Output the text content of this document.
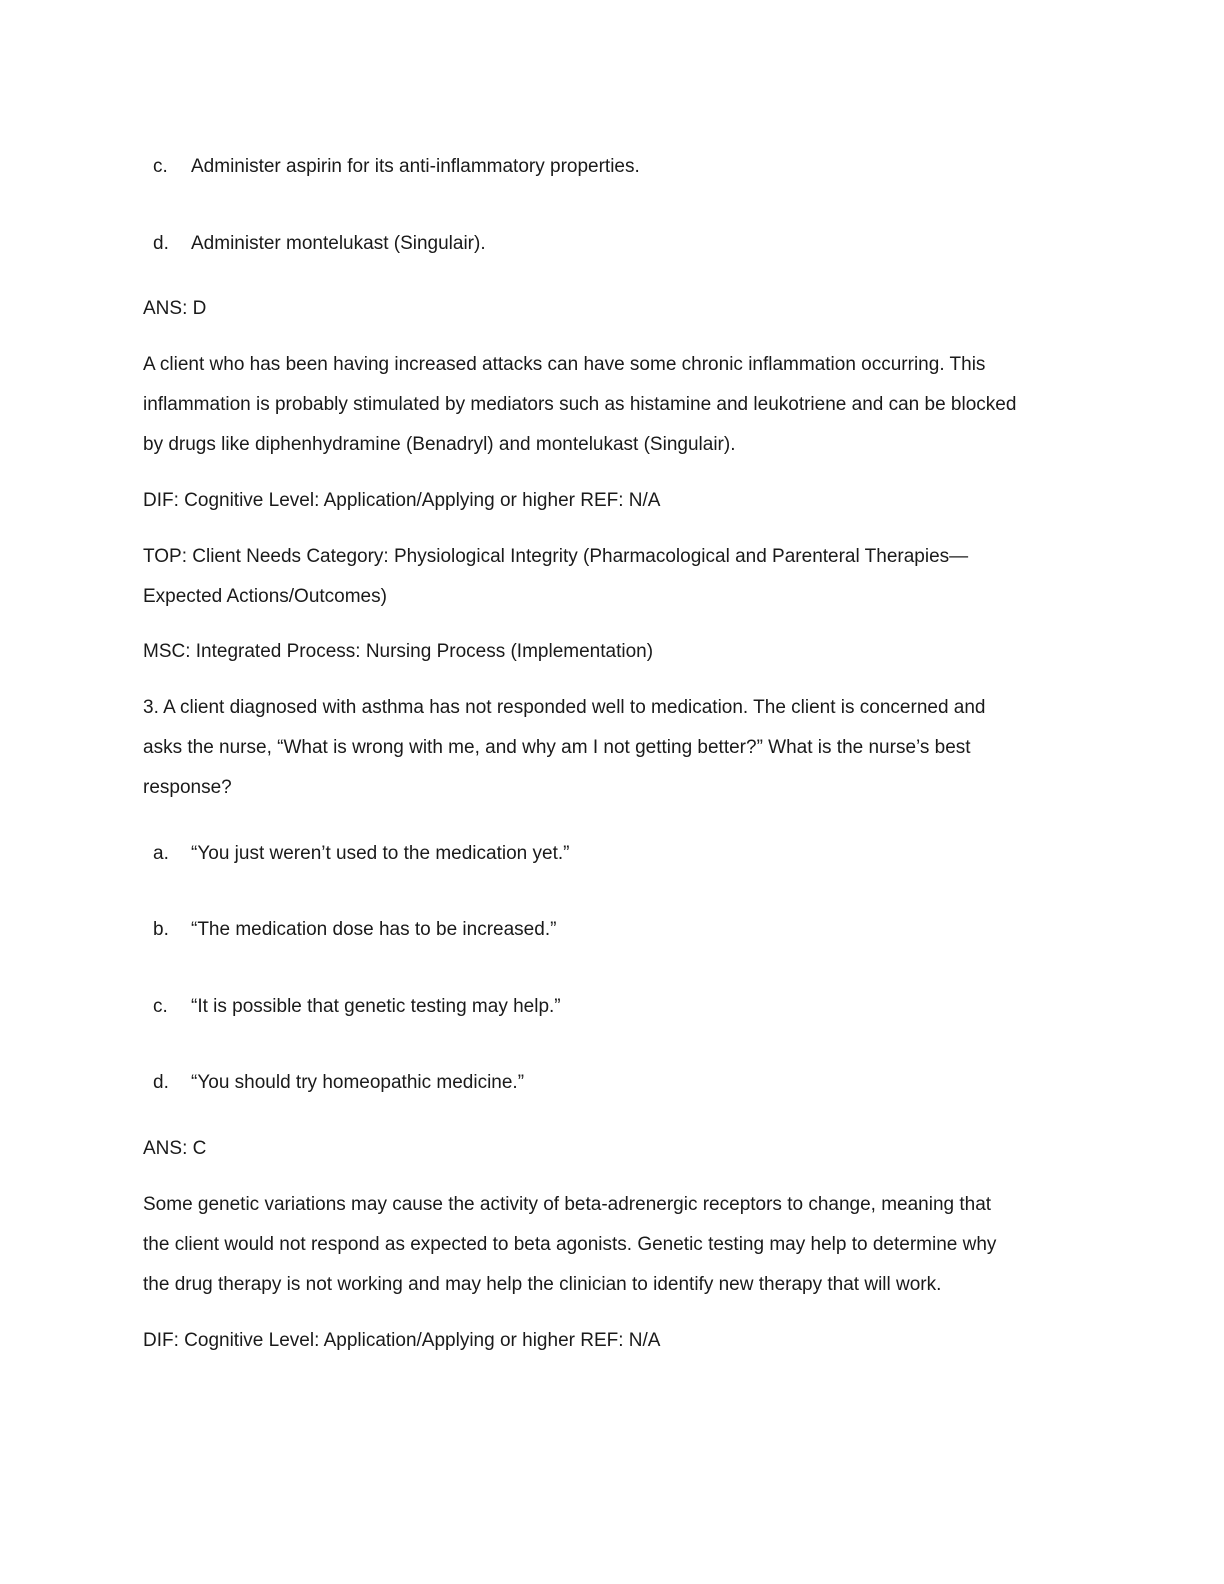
c. Administer aspirin for its anti-inflammatory properties.
d. Administer montelukast (Singulair).
ANS: D
A client who has been having increased attacks can have some chronic inflammation occurring. This
inflammation is probably stimulated by mediators such as histamine and leukotriene and can be blocked
by drugs like diphenhydramine (Benadryl) and montelukast (Singulair).
DIF: Cognitive Level: Application/Applying or higher REF: N/A
TOP: Client Needs Category: Physiological Integrity (Pharmacological and Parenteral Therapies—
Expected Actions/Outcomes)
MSC: Integrated Process: Nursing Process (Implementation)
3. A client diagnosed with asthma has not responded well to medication. The client is concerned and
asks the nurse, “What is wrong with me, and why am I not getting better?” What is the nurse’s best
response?
a. “You just weren’t used to the medication yet.”
b. “The medication dose has to be increased.”
c. “It is possible that genetic testing may help.”
d. “You should try homeopathic medicine.”
ANS: C
Some genetic variations may cause the activity of beta-adrenergic receptors to change, meaning that
the client would not respond as expected to beta agonists. Genetic testing may help to determine why
the drug therapy is not working and may help the clinician to identify new therapy that will work.
DIF: Cognitive Level: Application/Applying or higher REF: N/A
